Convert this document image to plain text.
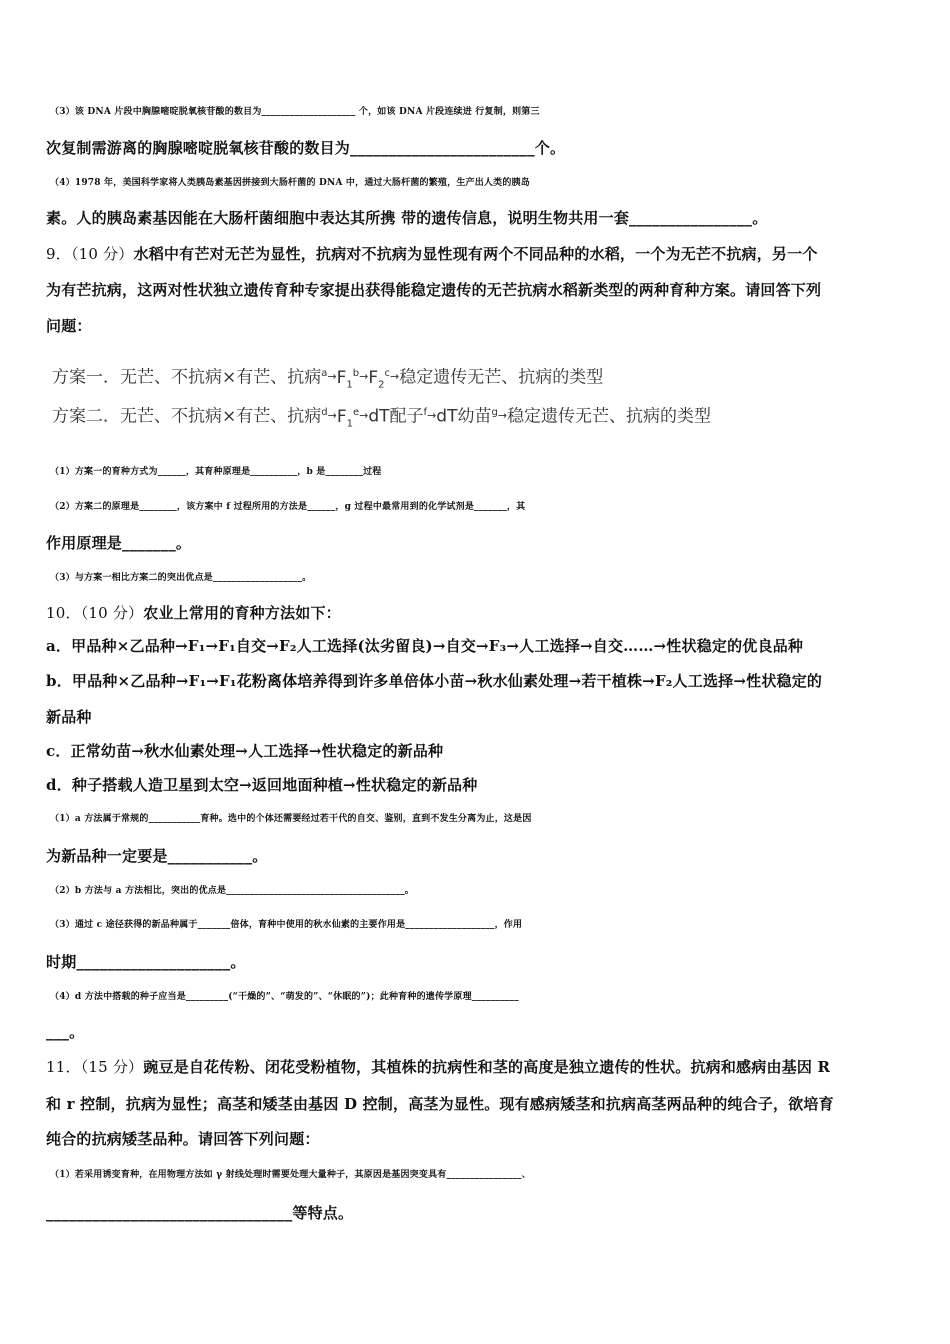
（3）该 DNA 片段中胸腺嘧啶脱氧核苷酸的数目为____________________ 个，如该 DNA 片段连续进 行复制，则第三
次复制需游离的胸腺嘧啶脱氧核苷酸的数目为________________________个。
（4）1978 年，美国科学家将人类胰岛素基因拼接到大肠杆菌的 DNA 中，通过大肠杆菌的繁殖，生产出人类的胰岛
素。人的胰岛素基因能在大肠杆菌细胞中表达其所携 带的遗传信息，说明生物共用一套________________。
9．（10 分）水稻中有芒对无芒为显性，抗病对不抗病为显性现有两个不同品种的水稻，一个为无芒不抗病，另一个
为有芒抗病，这两对性状独立遗传育种专家提出获得能稳定遗传的无芒抗病水稻新类型的两种育种方案。请回答下列
问题：
方案一．无芒、不抗病×有芒、抗病$^a\to F_1^b\to F_2^c\to$稳定遗传无芒、抗病的类型
方案二．无芒、不抗病×有芒、抗病$^d\to F_1^e\to dT$配子$^f$→dT幼苗$^g$→稳定遗传无芒、抗病的类型
（1）方案一的育种方式为______，其育种原理是__________，b 是________过程
（2）方案二的原理是________，该方案中 f 过程所用的方法是______，g 过程中最常用到的化学试剂是_______，其
作用原理是_______。
（3）与方案一相比方案二的突出优点是___________________。
10．（10 分）农业上常用的育种方法如下：
a．甲品种×乙品种→F₁→F₁自交→F₂人工选择(汰劣留良)→自交→F₃→人工选择→自交……→性状稳定的优良品种
b．甲品种×乙品种→F₁→F₁花粉离体培养得到许多单倍体小苗→秋水仙素处理→若干植株→F₂人工选择→性状稳定的
新品种
c．正常幼苗→秋水仙素处理→人工选择→性状稳定的新品种
d．种子搭载人造卫星到太空→返回地面种植→性状稳定的新品种
（1）a 方法属于常规的___________育种。选中的个体还需要经过若干代的自交、鉴别，直到不发生分离为止，这是因
为新品种一定要是___________。
（2）b 方法与 a 方法相比，突出的优点是______________________________________。
（3）通过 c 途径获得的新品种属于_______倍体，育种中使用的秋水仙素的主要作用是___________________，作用
时期____________________。
（4）d 方法中搭载的种子应当是_________(“干燥的”、“萌发的”、“休眠的”)；此种育种的遗传学原理__________
___。
11．（15 分）豌豆是自花传粉、闭花受粉植物，其植株的抗病性和茎的高度是独立遗传的性状。抗病和感病由基因 R
和 r 控制，抗病为显性；高茎和矮茎由基因 D 控制，高茎为显性。现有感病矮茎和抗病高茎两品种的纯合子，欲培育
纯合的抗病矮茎品种。请回答下列问题：
（1）若采用诱变育种，在用物理方法如 γ 射线处理时需要处理大量种子，其原因是基因突变具有________________、
________________________________等特点。
